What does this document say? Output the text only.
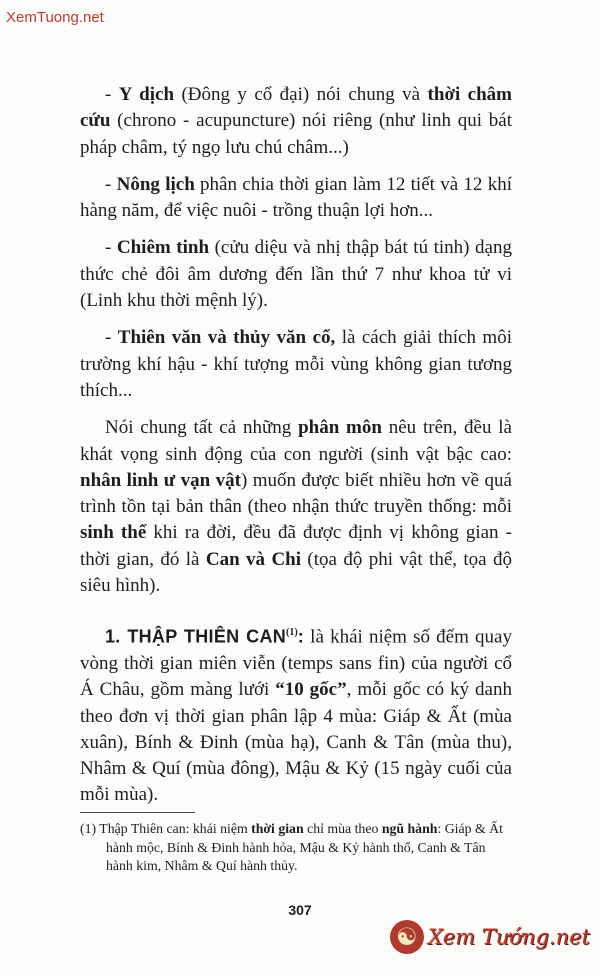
XemTuong.net

- Y dịch (Đông y cổ đại) nói chung và thời châm cứu (chrono - acupuncture) nói riêng (như linh qui bát pháp châm, tý ngọ lưu chú châm...)

- Nông lịch phân chia thời gian làm 12 tiết và 12 khí hàng năm, để việc nuôi - trồng thuận lợi hơn...

- Chiêm tinh (cửu diệu và nhị thập bát tú tinh) dạng thức chẻ đôi âm dương đến lần thứ 7 như khoa tử vi (Linh khu thời mệnh lý).

- Thiên văn và thủy văn cổ, là cách giải thích môi trường khí hậu - khí tượng mỗi vùng không gian tương thích...

Nói chung tất cả những phân môn nêu trên, đều là khát vọng sinh động của con người (sinh vật bậc cao: nhân linh ư vạn vật) muốn được biết nhiều hơn về quá trình tồn tại bản thân (theo nhận thức truyền thống: mỗi sinh thể khi ra đời, đều đã được định vị không gian - thời gian, đó là Can và Chi (tọa độ phi vật thể, tọa độ siêu hình).

1. THẬP THIÊN CAN$^{(1)}$: là khái niệm số đếm quay vòng thời gian miên viễn (temps sans fin) của người cổ Á Châu, gồm màng lưới “10 gốc”, mỗi gốc có ký danh theo đơn vị thời gian phân lập 4 mùa: Giáp & Ất (mùa xuân), Bính & Đinh (mùa hạ), Canh & Tân (mùa thu), Nhâm & Quí (mùa đông), Mậu & Kỷ (15 ngày cuối của mỗi mùa).

(1) Thập Thiên can: khái niệm thời gian chỉ mùa theo ngũ hành: Giáp & Ất hành mộc, Bính & Đinh hành hỏa, Mậu & Kỷ hành thổ, Canh & Tân hành kim, Nhâm & Quí hành thủy.
307
☯ Xem Tướng.net
